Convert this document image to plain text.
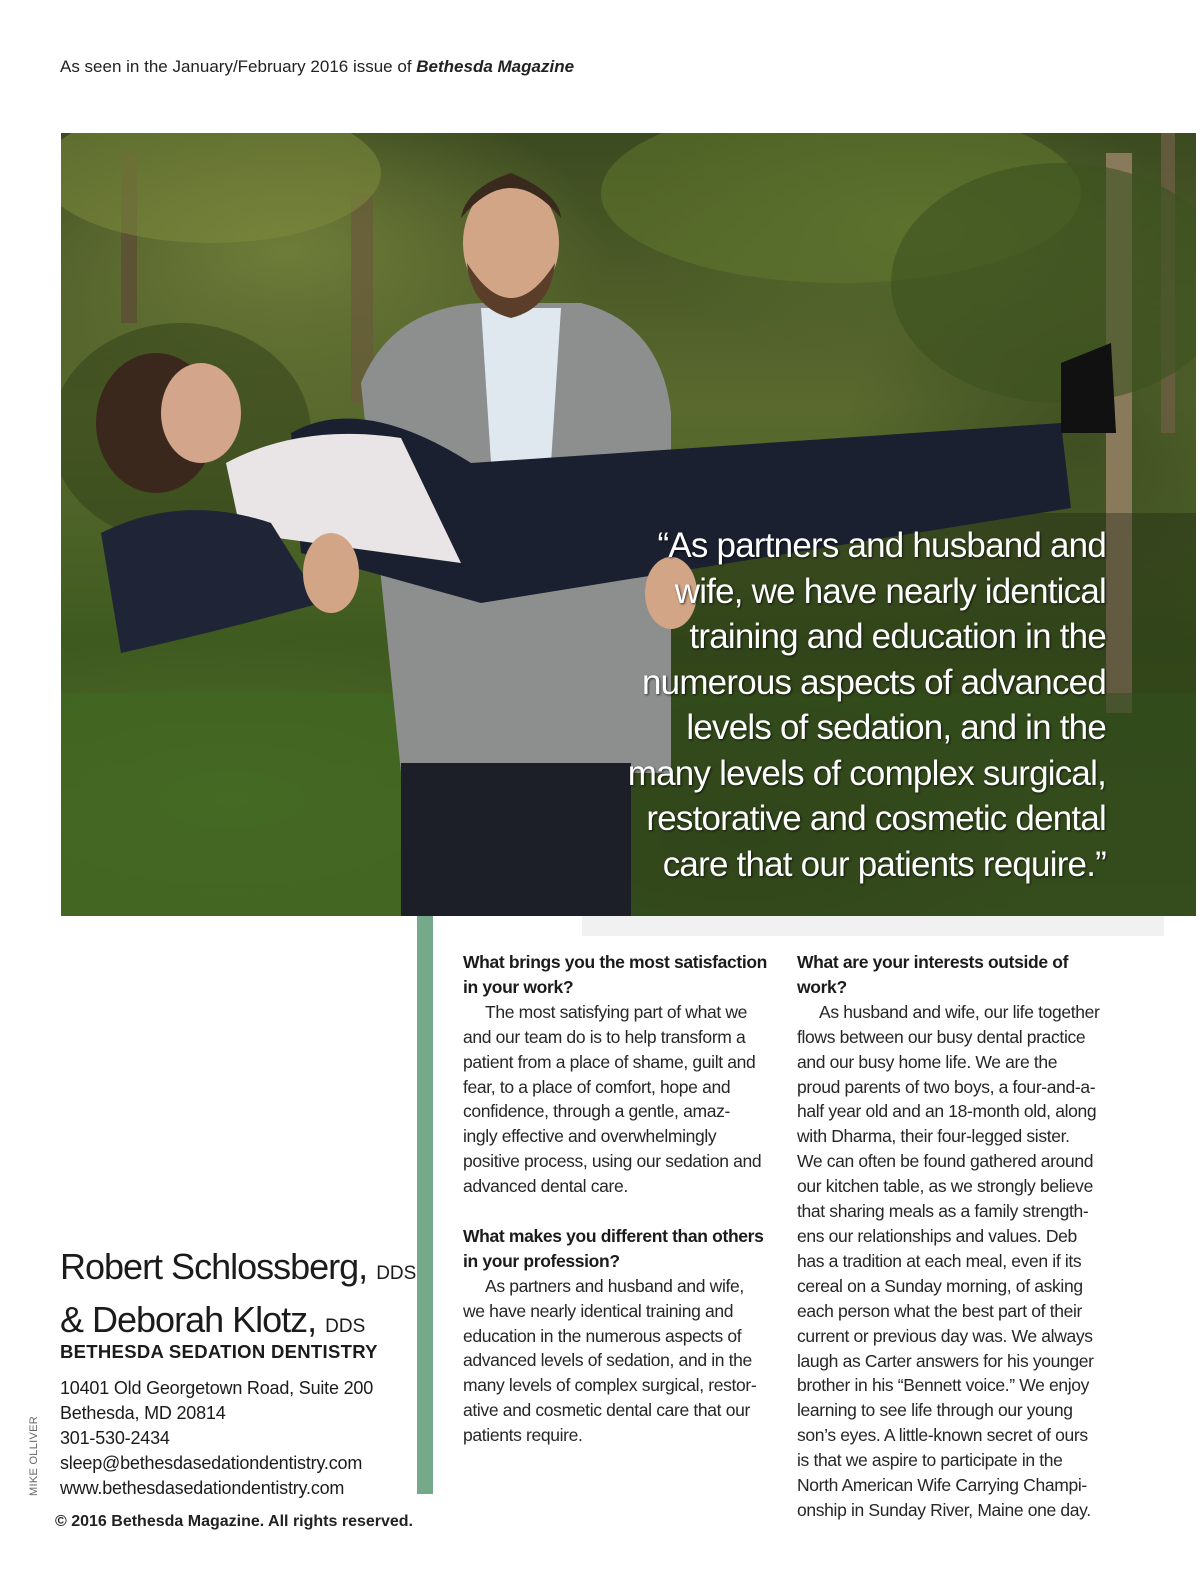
As seen in the January/February 2016 issue of Bethesda Magazine
“As partners and husband and
wife, we have nearly identical
training and education in the
numerous aspects of advanced
levels of sedation, and in the
many levels of complex surgical,
restorative and cosmetic dental
care that our patients require.”
What brings you the most satisfaction
in your work?
The most satisfying part of what we
and our team do is to help transform a
patient from a place of shame, guilt and
fear, to a place of comfort, hope and
confidence, through a gentle, amaz-
ingly effective and overwhelmingly
positive process, using our sedation and
advanced dental care.
What makes you different than others
in your profession?
As partners and husband and wife,
we have nearly identical training and
education in the numerous aspects of
advanced levels of sedation, and in the
many levels of complex surgical, restor-
ative and cosmetic dental care that our
patients require.
What are your interests outside of work?
As husband and wife, our life together
flows between our busy dental practice
and our busy home life. We are the
proud parents of two boys, a four-and-a-
half year old and an 18-month old, along
with Dharma, their four-legged sister.
We can often be found gathered around
our kitchen table, as we strongly believe
that sharing meals as a family strength-
ens our relationships and values. Deb
has a tradition at each meal, even if its
cereal on a Sunday morning, of asking
each person what the best part of their
current or previous day was. We always
laugh as Carter answers for his younger
brother in his “Bennett voice.” We enjoy
learning to see life through our young
son’s eyes. A little-known secret of ours
is that we aspire to participate in the
North American Wife Carrying Champi-
onship in Sunday River, Maine one day.
Robert Schlossberg, DDS
& Deborah Klotz, DDS
BETHESDA SEDATION DENTISTRY
10401 Old Georgetown Road, Suite 200
Bethesda, MD 20814
301-530-2434
sleep@bethesdasedationdentistry.com
www.bethesdasedationdentistry.com
MIKE OLLIVER
© 2016 Bethesda Magazine. All rights reserved.
